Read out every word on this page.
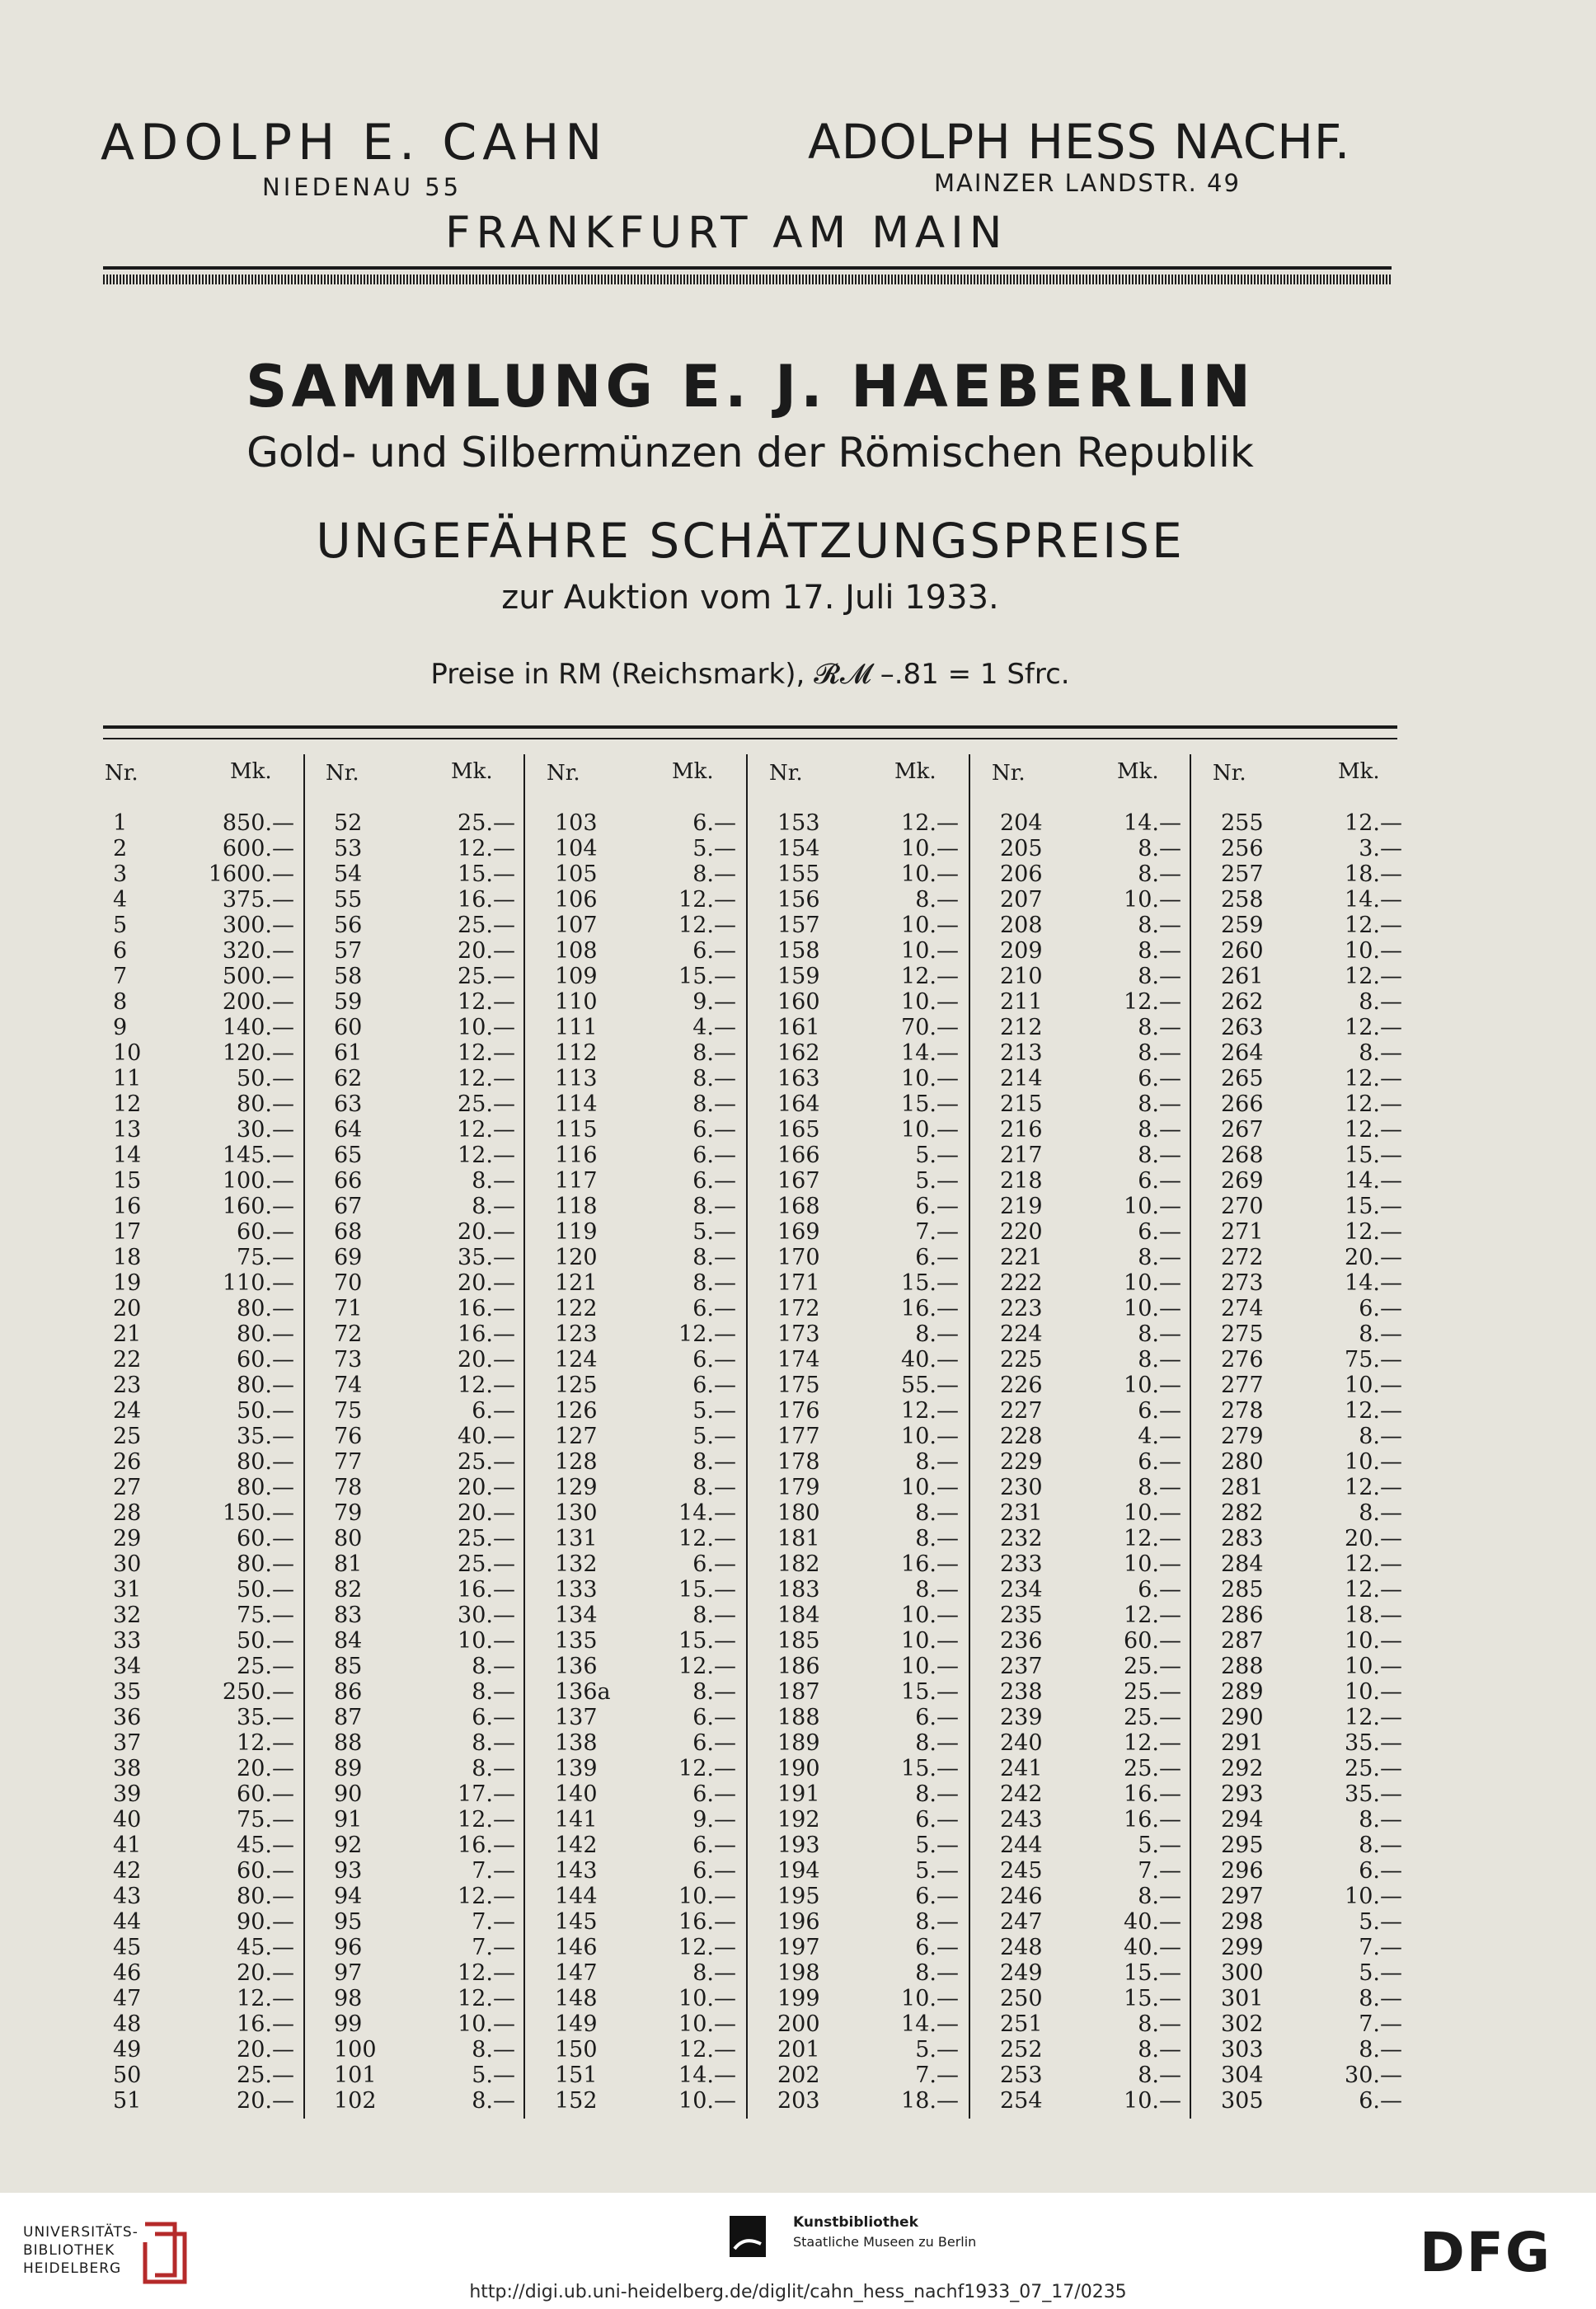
ADOLPH E. CAHN
NIEDENAU 55
ADOLPH HESS NACHF.
MAINZER LANDSTR. 49
FRANKFURT AM MAIN
SAMMLUNG E. J. HAEBERLIN
Gold- und Silbermünzen der Römischen Republik
UNGEFÄHRE SCHÄTZUNGSPREISE
zur Auktion vom 17. Juli 1933.
Preise in RM (Reichsmark), 𝓡𝓜 –.81 = 1 Sfrc.
Nr.	Mk.
1	850.—
2	600.—
3	1600.—
4	375.—
5	300.—
6	320.—
7	500.—
8	200.—
9	140.—
10	120.—
11	50.—
12	80.—
13	30.—
14	145.—
15	100.—
16	160.—
17	60.—
18	75.—
19	110.—
20	80.—
21	80.—
22	60.—
23	80.—
24	50.—
25	35.—
26	80.—
27	80.—
28	150.—
29	60.—
30	80.—
31	50.—
32	75.—
33	50.—
34	25.—
35	250.—
36	35.—
37	12.—
38	20.—
39	60.—
40	75.—
41	45.—
42	60.—
43	80.—
44	90.—
45	45.—
46	20.—
47	12.—
48	16.—
49	20.—
50	25.—
51	20.—
Nr.	Mk.
52	25.—
53	12.—
54	15.—
55	16.—
56	25.—
57	20.—
58	25.—
59	12.—
60	10.—
61	12.—
62	12.—
63	25.—
64	12.—
65	12.—
66	8.—
67	8.—
68	20.—
69	35.—
70	20.—
71	16.—
72	16.—
73	20.—
74	12.—
75	6.—
76	40.—
77	25.—
78	20.—
79	20.—
80	25.—
81	25.—
82	16.—
83	30.—
84	10.—
85	8.—
86	8.—
87	6.—
88	8.—
89	8.—
90	17.—
91	12.—
92	16.—
93	7.—
94	12.—
95	7.—
96	7.—
97	12.—
98	12.—
99	10.—
100	8.—
101	5.—
102	8.—
Nr.	Mk.
103	6.—
104	5.—
105	8.—
106	12.—
107	12.—
108	6.—
109	15.—
110	9.—
111	4.—
112	8.—
113	8.—
114	8.—
115	6.—
116	6.—
117	6.—
118	8.—
119	5.—
120	8.—
121	8.—
122	6.—
123	12.—
124	6.—
125	6.—
126	5.—
127	5.—
128	8.—
129	8.—
130	14.—
131	12.—
132	6.—
133	15.—
134	8.—
135	15.—
136	12.—
136a	8.—
137	6.—
138	6.—
139	12.—
140	6.—
141	9.—
142	6.—
143	6.—
144	10.—
145	16.—
146	12.—
147	8.—
148	10.—
149	10.—
150	12.—
151	14.—
152	10.—
Nr.	Mk.
153	12.—
154	10.—
155	10.—
156	8.—
157	10.—
158	10.—
159	12.—
160	10.—
161	70.—
162	14.—
163	10.—
164	15.—
165	10.—
166	5.—
167	5.—
168	6.—
169	7.—
170	6.—
171	15.—
172	16.—
173	8.—
174	40.—
175	55.—
176	12.—
177	10.—
178	8.—
179	10.—
180	8.—
181	8.—
182	16.—
183	8.—
184	10.—
185	10.—
186	10.—
187	15.—
188	6.—
189	8.—
190	15.—
191	8.—
192	6.—
193	5.—
194	5.—
195	6.—
196	8.—
197	6.—
198	8.—
199	10.—
200	14.—
201	5.—
202	7.—
203	18.—
Nr.	Mk.
204	14.—
205	8.—
206	8.—
207	10.—
208	8.—
209	8.—
210	8.—
211	12.—
212	8.—
213	8.—
214	6.—
215	8.—
216	8.—
217	8.—
218	6.—
219	10.—
220	6.—
221	8.—
222	10.—
223	10.—
224	8.—
225	8.—
226	10.—
227	6.—
228	4.—
229	6.—
230	8.—
231	10.—
232	12.—
233	10.—
234	6.—
235	12.—
236	60.—
237	25.—
238	25.—
239	25.—
240	12.—
241	25.—
242	16.—
243	16.—
244	5.—
245	7.—
246	8.—
247	40.—
248	40.—
249	15.—
250	15.—
251	8.—
252	8.—
253	8.—
254	10.—
Nr.	Mk.
255	12.—
256	3.—
257	18.—
258	14.—
259	12.—
260	10.—
261	12.—
262	8.—
263	12.—
264	8.—
265	12.—
266	12.—
267	12.—
268	15.—
269	14.—
270	15.—
271	12.—
272	20.—
273	14.—
274	6.—
275	8.—
276	75.—
277	10.—
278	12.—
279	8.—
280	10.—
281	12.—
282	8.—
283	20.—
284	12.—
285	12.—
286	18.—
287	10.—
288	10.—
289	10.—
290	12.—
291	35.—
292	25.—
293	35.—
294	8.—
295	8.—
296	6.—
297	10.—
298	5.—
299	7.—
300	5.—
301	8.—
302	7.—
303	8.—
304	30.—
305	6.—
UNIVERSITÄTS-
BIBLIOTHEK
HEIDELBERG
Kunstbibliothek
Staatliche Museen zu Berlin	DFG
http://digi.ub.uni-heidelberg.de/diglit/cahn_hess_nachf1933_07_17/0235
